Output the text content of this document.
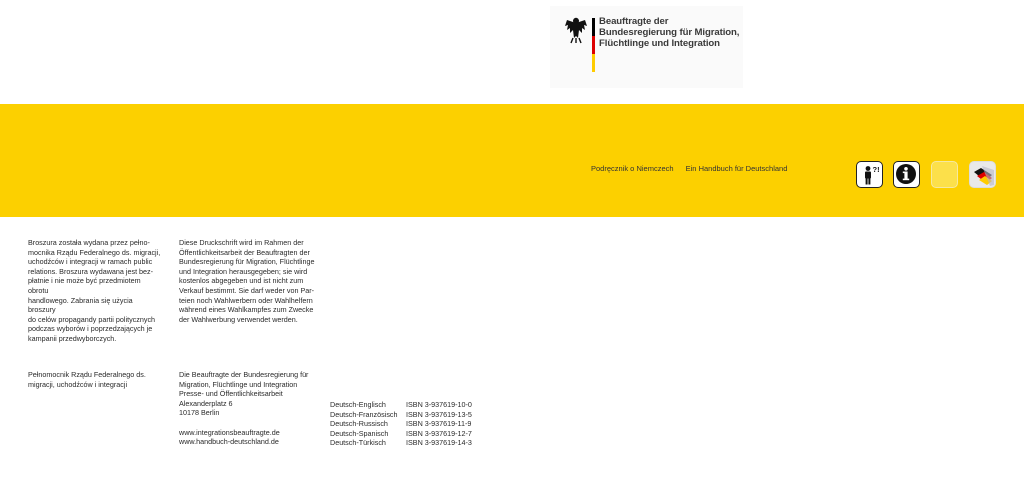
Beauftragte der
Bundesregierung für Migration,
Flüchtlinge und Integration
Podręcznik o Niemczech Ein Handbuch für Deutschland	?!

Broszura została wydana przez pełno-

mocnika Rządu Federalnego ds. migracji,

uchodźców i integracji w ramach public

relations. Broszura wydawana jest bez-

płatnie i nie może być przedmiotem obrotu

handlowego. Zabrania się użycia broszury

do celów propagandy partii politycznych

podczas wyborów i poprzedzających je

kampanii przedwyborczych.

Diese Druckschrift wird im Rahmen der

Öffentlichkeitsarbeit der Beauftragten der

Bundesregierung für Migration, Flüchtlinge

und Integration herausgegeben; sie wird

kostenlos abgegeben und ist nicht zum

Verkauf bestimmt. Sie darf weder von Par-

teien noch Wahlwerbern oder Wahlhelfern

während eines Wahlkampfes zum Zwecke

der Wahlwerbung verwendet werden.

Pełnomocnik Rządu Federalnego ds.

migracji, uchodźców i integracji

Die Beauftragte der Bundesregierung für

Migration, Flüchtlinge und Integration

Presse- und Öffentlichkeitsarbeit

Alexanderplatz 6

10178 Berlin

www.integrationsbeauftragte.de

www.handbuch-deutschland.de

Deutsch-Englisch	ISBN 3-937619-10-0
Deutsch-Französisch	ISBN 3-937619-13-5
Deutsch-Russisch	ISBN 3-937619-11-9
Deutsch-Spanisch	ISBN 3-937619-12-7
Deutsch-Türkisch	ISBN 3-937619-14-3
